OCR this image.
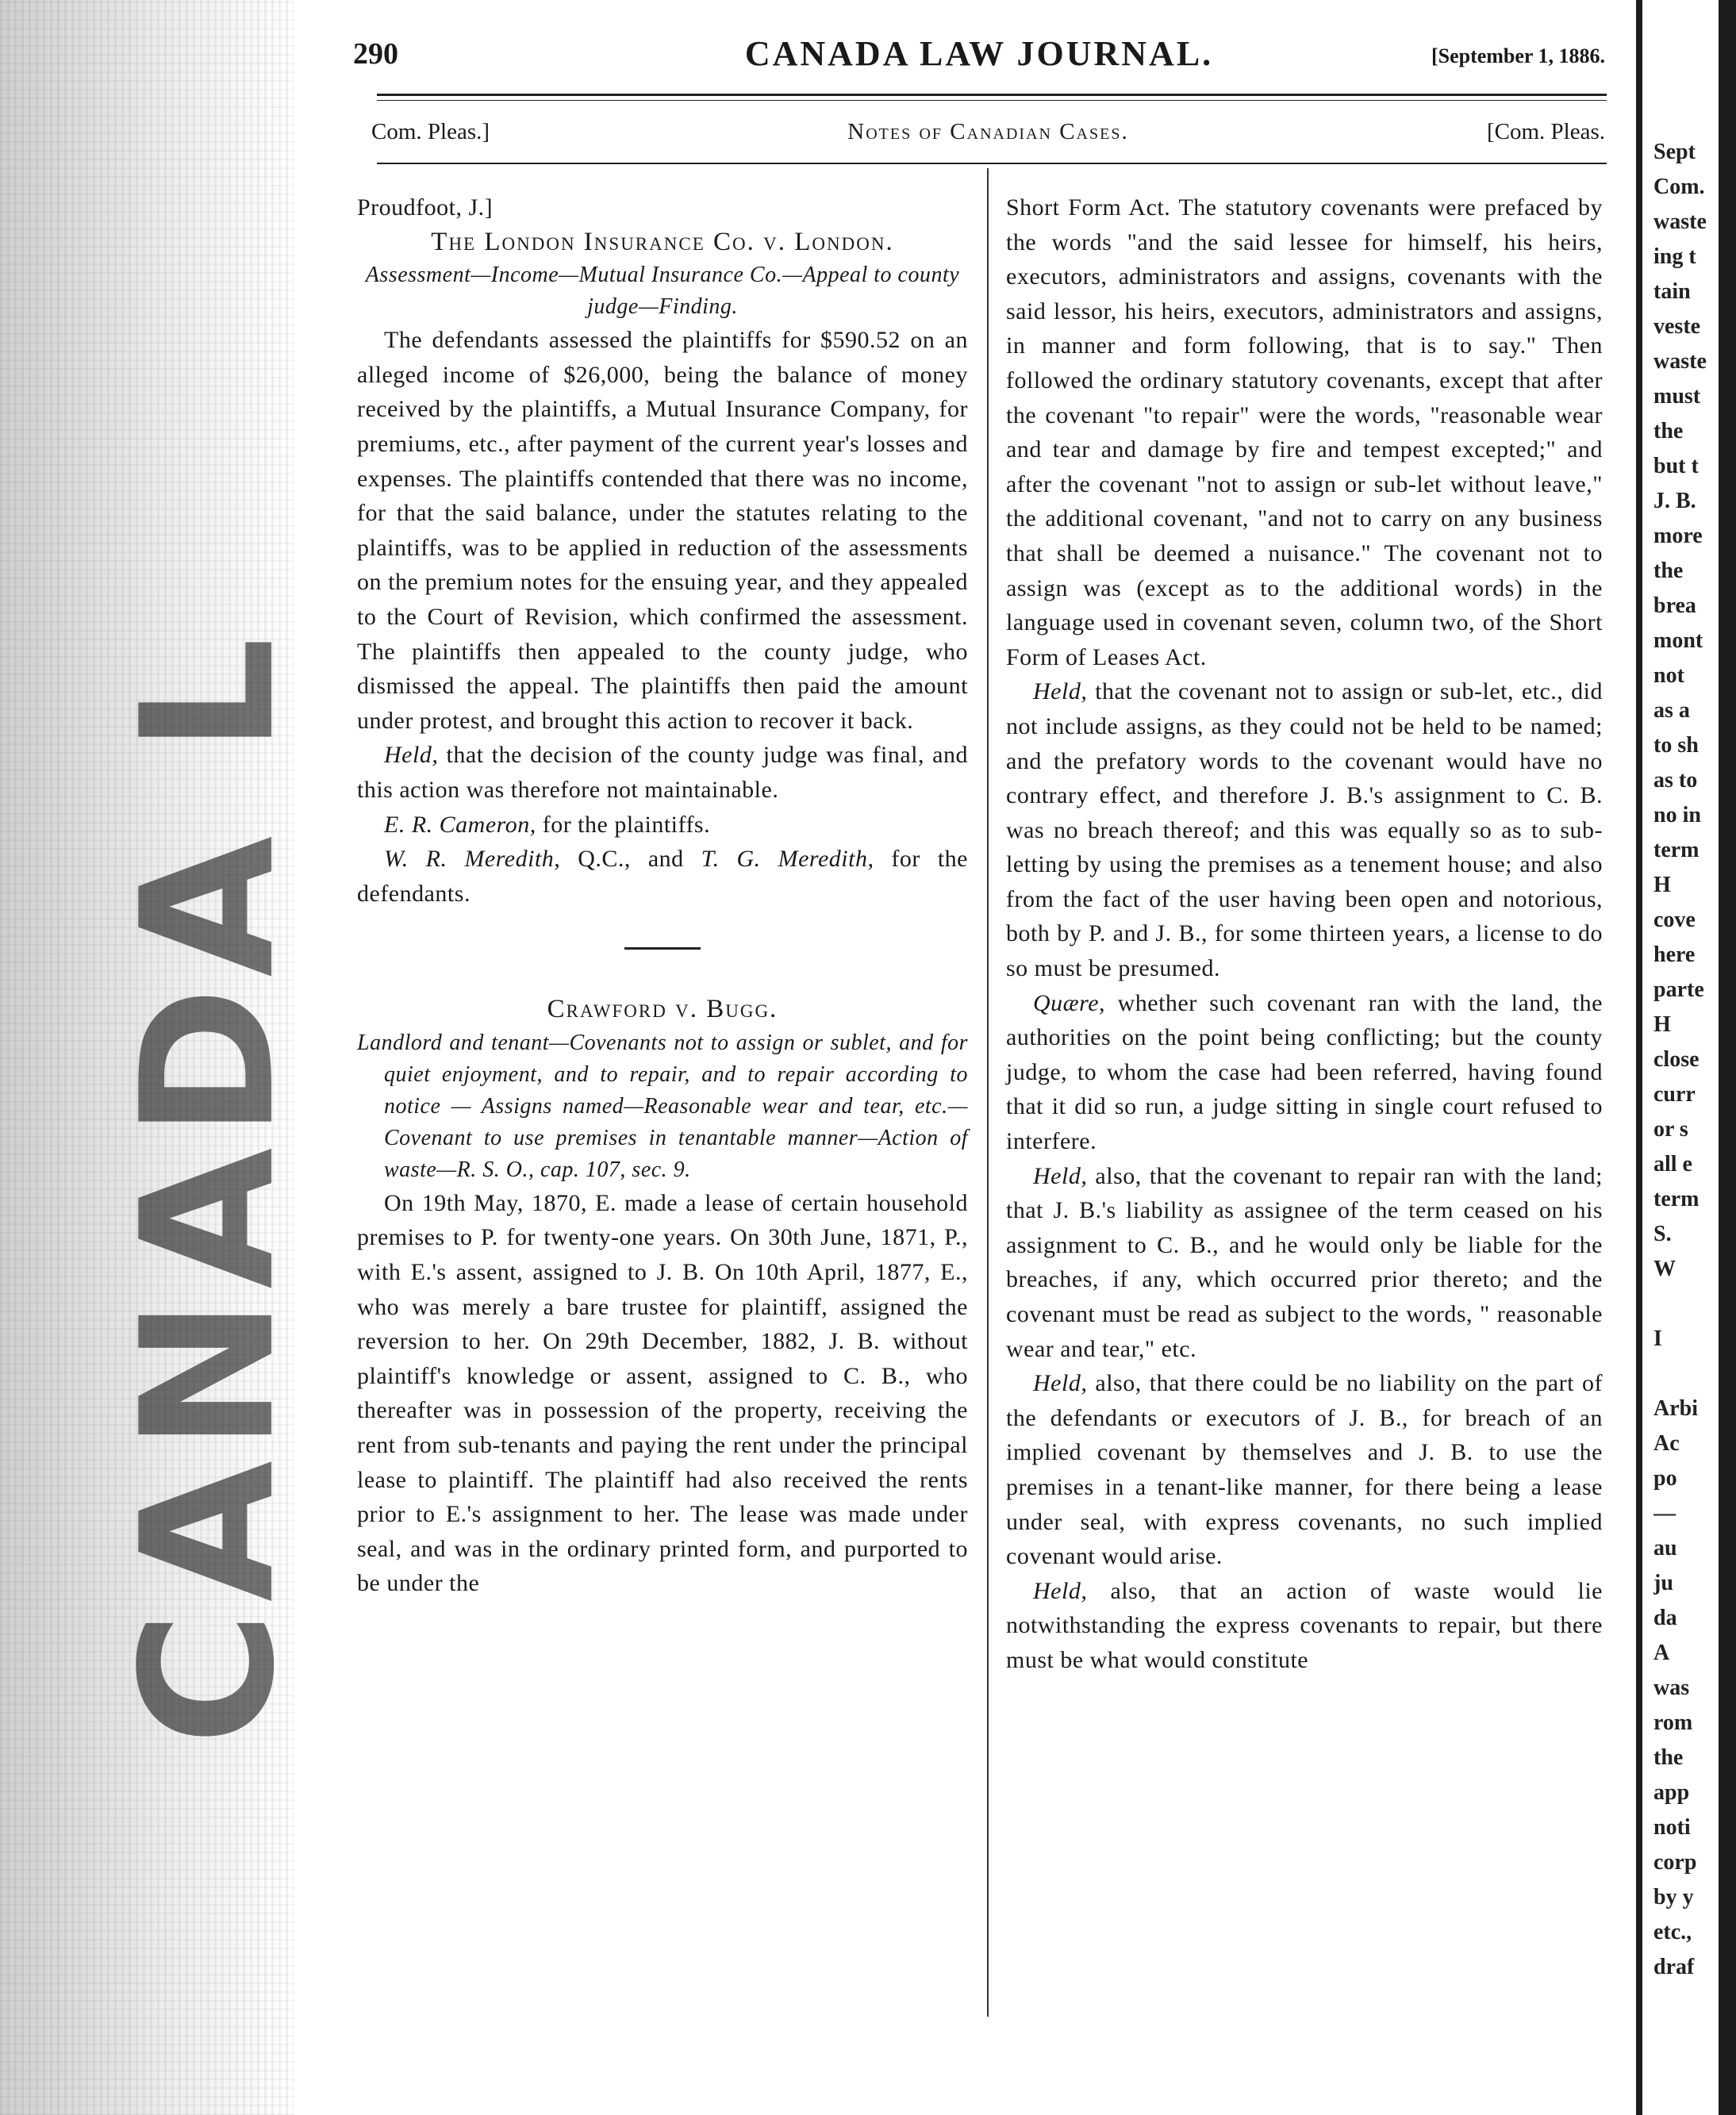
CANADA L
Sept
Com.
waste
ing t
tain
veste
waste
must
the
but t
J. B.
more
the
brea
mont
not
as a
to sh
as to
no in
term
H
cove
here
parte
H
close
curr
or s
all e
term
S.
W
I
Arbi
Ac
po
—
au
ju
da
A
was
rom
the
app
noti
corp
by y
etc.,
draf
290	CANADA LAW JOURNAL.	[September 1, 1886.
Com. Pleas.]	Notes of Canadian Cases.	[Com. Pleas.

Proudfoot, J.]

The London Insurance Co. v. London.

Assessment—Income—Mutual Insurance Co.—Appeal to county judge—Finding.

The defendants assessed the plaintiffs for $590.52 on an alleged income of $26,000, being the balance of money received by the plaintiffs, a Mutual Insurance Company, for premiums, etc., after payment of the current year's losses and expenses. The plaintiffs contended that there was no income, for that the said balance, under the statutes relating to the plaintiffs, was to be applied in reduction of the assessments on the premium notes for the ensuing year, and they appealed to the Court of Revision, which confirmed the assessment. The plaintiffs then appealed to the county judge, who dismissed the appeal. The plaintiffs then paid the amount under protest, and brought this action to recover it back.

Held, that the decision of the county judge was final, and this action was therefore not maintainable.

E. R. Cameron, for the plaintiffs.

W. R. Meredith, Q.C., and T. G. Meredith, for the defendants.

Crawford v. Bugg.

Landlord and tenant—Covenants not to assign or sublet, and for quiet enjoyment, and to repair, and to repair according to notice — Assigns named—Reasonable wear and tear, etc.—Covenant to use premises in tenantable manner—Action of waste—R. S. O., cap. 107, sec. 9.

On 19th May, 1870, E. made a lease of certain household premises to P. for twenty-one years. On 30th June, 1871, P., with E.'s assent, assigned to J. B. On 10th April, 1877, E., who was merely a bare trustee for plaintiff, assigned the reversion to her. On 29th December, 1882, J. B. without plaintiff's knowledge or assent, assigned to C. B., who thereafter was in possession of the property, receiving the rent from sub-tenants and paying the rent under the principal lease to plaintiff. The plaintiff had also received the rents prior to E.'s assignment to her. The lease was made under seal, and was in the ordinary printed form, and purported to be under the

Short Form Act. The statutory covenants were prefaced by the words "and the said lessee for himself, his heirs, executors, administrators and assigns, covenants with the said lessor, his heirs, executors, administrators and assigns, in manner and form following, that is to say." Then followed the ordinary statutory covenants, except that after the covenant "to repair" were the words, "reasonable wear and tear and damage by fire and tempest excepted;" and after the covenant "not to assign or sub-let without leave," the additional covenant, "and not to carry on any business that shall be deemed a nuisance." The covenant not to assign was (except as to the additional words) in the language used in covenant seven, column two, of the Short Form of Leases Act.

Held, that the covenant not to assign or sub-let, etc., did not include assigns, as they could not be held to be named; and the prefatory words to the covenant would have no contrary effect, and therefore J. B.'s assignment to C. B. was no breach thereof; and this was equally so as to sub-letting by using the premises as a tenement house; and also from the fact of the user having been open and notorious, both by P. and J. B., for some thirteen years, a license to do so must be presumed.

Quære, whether such covenant ran with the land, the authorities on the point being conflicting; but the county judge, to whom the case had been referred, having found that it did so run, a judge sitting in single court refused to interfere.

Held, also, that the covenant to repair ran with the land; that J. B.'s liability as assignee of the term ceased on his assignment to C. B., and he would only be liable for the breaches, if any, which occurred prior thereto; and the covenant must be read as subject to the words, " reasonable wear and tear," etc.

Held, also, that there could be no liability on the part of the defendants or executors of J. B., for breach of an implied covenant by themselves and J. B. to use the premises in a tenant-like manner, for there being a lease under seal, with express covenants, no such implied covenant would arise.

Held, also, that an action of waste would lie notwithstanding the express covenants to repair, but there must be what would constitute
